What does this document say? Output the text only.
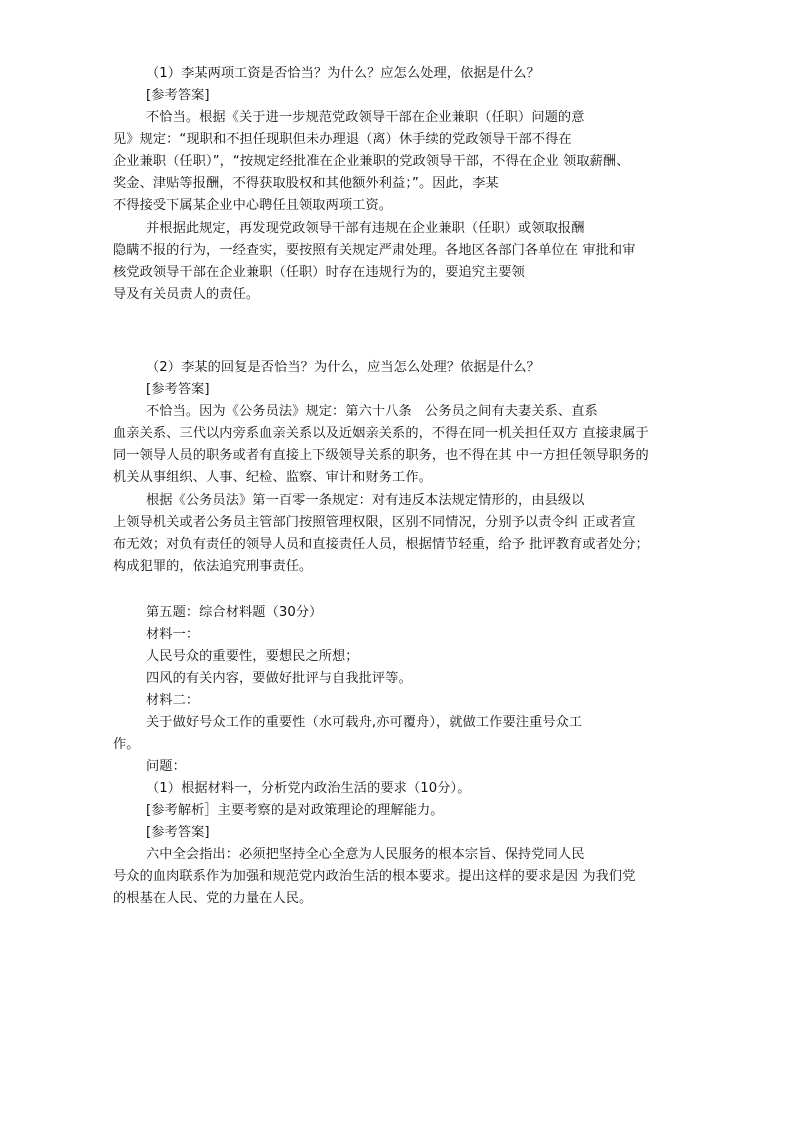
（1）李某两项工资是否恰当？为什么？应怎么处理，依据是什么？
[参考答案]
不恰当。根据《关于进一步规范党政领导干部在企业兼职（任职）问题的意
见》规定：“现职和不担任现职但未办理退（离）休手续的党政领导干部不得在
企业兼职（任职）”，“按规定经批准在企业兼职的党政领导干部，不得在企业 领取薪酬、
奖金、津贴等报酬，不得获取股权和其他额外利益；”。因此，李某
不得接受下属某企业中心聘任且领取两项工资。
并根据此规定，再发现党政领导干部有违规在企业兼职（任职）或领取报酬
隐瞒不报的行为，一经查实，要按照有关规定严肃处理。各地区各部门各单位在 审批和审
核党政领导干部在企业兼职（任职）时存在违规行为的，要追究主要领
导及有关员责人的责任。
（2）李某的回复是否恰当？为什么，应当怎么处理？依据是什么？
[参考答案]
不恰当。因为《公务员法》规定：第六十八条　公务员之间有夫妻关系、直系
血亲关系、三代以内旁系血亲关系以及近姻亲关系的，不得在同一机关担任双方 直接隶属于
同一领导人员的职务或者有直接上下级领导关系的职务，也不得在其 中一方担任领导职务的
机关从事组织、人事、纪检、监察、审计和财务工作。
根据《公务员法》第一百零一条规定：对有违反本法规定情形的，由县级以
上领导机关或者公务员主管部门按照管理权限，区别不同情况，分别予以责令纠 正或者宣
布无效；对负有责任的领导人员和直接责任人员，根据情节轻重，给予 批评教育或者处分；
构成犯罪的，依法追究刑事责任。
第五题：综合材料题（30分）
材料一：
人民号众的重要性，要想民之所想；
四风的有关内容，要做好批评与自我批评等。
材料二：
关于做好号众工作的重要性（水可载舟,亦可覆舟），就做工作要注重号众工
作。
问题：
（1）根据材料一，分析党内政治生活的要求（10分）。
[参考解析］主要考察的是对政策理论的理解能力。
[参考答案]
六中全会指出：必须把坚持全心全意为人民服务的根本宗旨、保持党同人民
号众的血肉联系作为加强和规范党内政治生活的根本要求。提出这样的要求是因 为我们党
的根基在人民、党的力量在人民。
